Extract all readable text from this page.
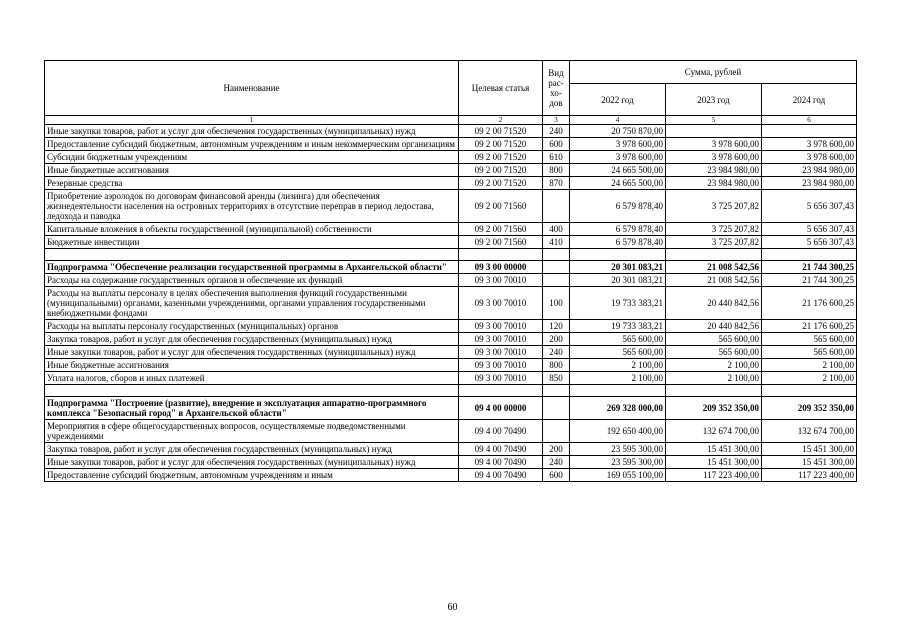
Наименование	Целевая статья	Вид рас-хо-дов	Сумма, рублей		
			2022 год	2023 год	2024 год
1	2	3	4	5	6
Иные закупки товаров, работ и услуг для обеспечения государственных (муниципальных) нужд	09 2 00 71520	240	20 750 870,00		
Предоставление субсидий бюджетным, автономным учреждениям и иным некоммерческим организациям	09 2 00 71520	600	3 978 600,00	3 978 600,00	3 978 600,00
Субсидии бюджетным учреждениям	09 2 00 71520	610	3 978 600,00	3 978 600,00	3 978 600,00
Иные бюджетные ассигнования	09 2 00 71520	800	24 665 500,00	23 984 980,00	23 984 980,00
Резервные средства	09 2 00 71520	870	24 665 500,00	23 984 980,00	23 984 980,00
Приобретение аэролодок по договорам финансовой аренды (лизинга) для обеспечения жизнедеятельности населения на островных территориях в отсутствие переправ в период ледостава, ледохода и паводка	09 2 00 71560		6 579 878,40	3 725 207,82	5 656 307,43
Капитальные вложения в объекты государственной (муниципальной) собственности	09 2 00 71560	400	6 579 878,40	3 725 207,82	5 656 307,43
Бюджетные инвестиции	09 2 00 71560	410	6 579 878,40	3 725 207,82	5 656 307,43

Подпрограмма "Обеспечение реализации государственной программы в Архангельской области"	09 3 00 00000		20 301 083,21	21 008 542,56	21 744 300,25
Расходы на содержание государственных органов и обеспечение их функций	09 3 00 70010		20 301 083,21	21 008 542,56	21 744 300,25
Расходы на выплаты персоналу в целях обеспечения выполнения функций государственными (муниципальными) органами, казенными учреждениями, органами управления государственными внебюджетными фондами	09 3 00 70010	100	19 733 383,21	20 440 842,56	21 176 600,25
Расходы на выплаты персоналу государственных (муниципальных) органов	09 3 00 70010	120	19 733 383,21	20 440 842,56	21 176 600,25
Закупка товаров, работ и услуг для обеспечения государственных (муниципальных) нужд	09 3 00 70010	200	565 600,00	565 600,00	565 600,00
Иные закупки товаров, работ и услуг для обеспечения государственных (муниципальных) нужд	09 3 00 70010	240	565 600,00	565 600,00	565 600,00
Иные бюджетные ассигнования	09 3 00 70010	800	2 100,00	2 100,00	2 100,00
Уплата налогов, сборов и иных платежей	09 3 00 70010	850	2 100,00	2 100,00	2 100,00

Подпрограмма "Построение (развитие), внедрение и эксплуатация аппаратно-программного комплекса "Безопасный город" в Архангельской области"	09 4 00 00000		269 328 000,00	209 352 350,00	209 352 350,00
Мероприятия в сфере общегосударственных вопросов, осуществляемые подведомственными учреждениями	09 4 00 70490		192 650 400,00	132 674 700,00	132 674 700,00
Закупка товаров, работ и услуг для обеспечения государственных (муниципальных) нужд	09 4 00 70490	200	23 595 300,00	15 451 300,00	15 451 300,00
Иные закупки товаров, работ и услуг для обеспечения государственных (муниципальных) нужд	09 4 00 70490	240	23 595 300,00	15 451 300,00	15 451 300,00
Предоставление субсидий бюджетным, автономным учреждениям и иным	09 4 00 70490	600	169 055 100,00	117 223 400,00	117 223 400,00
60
